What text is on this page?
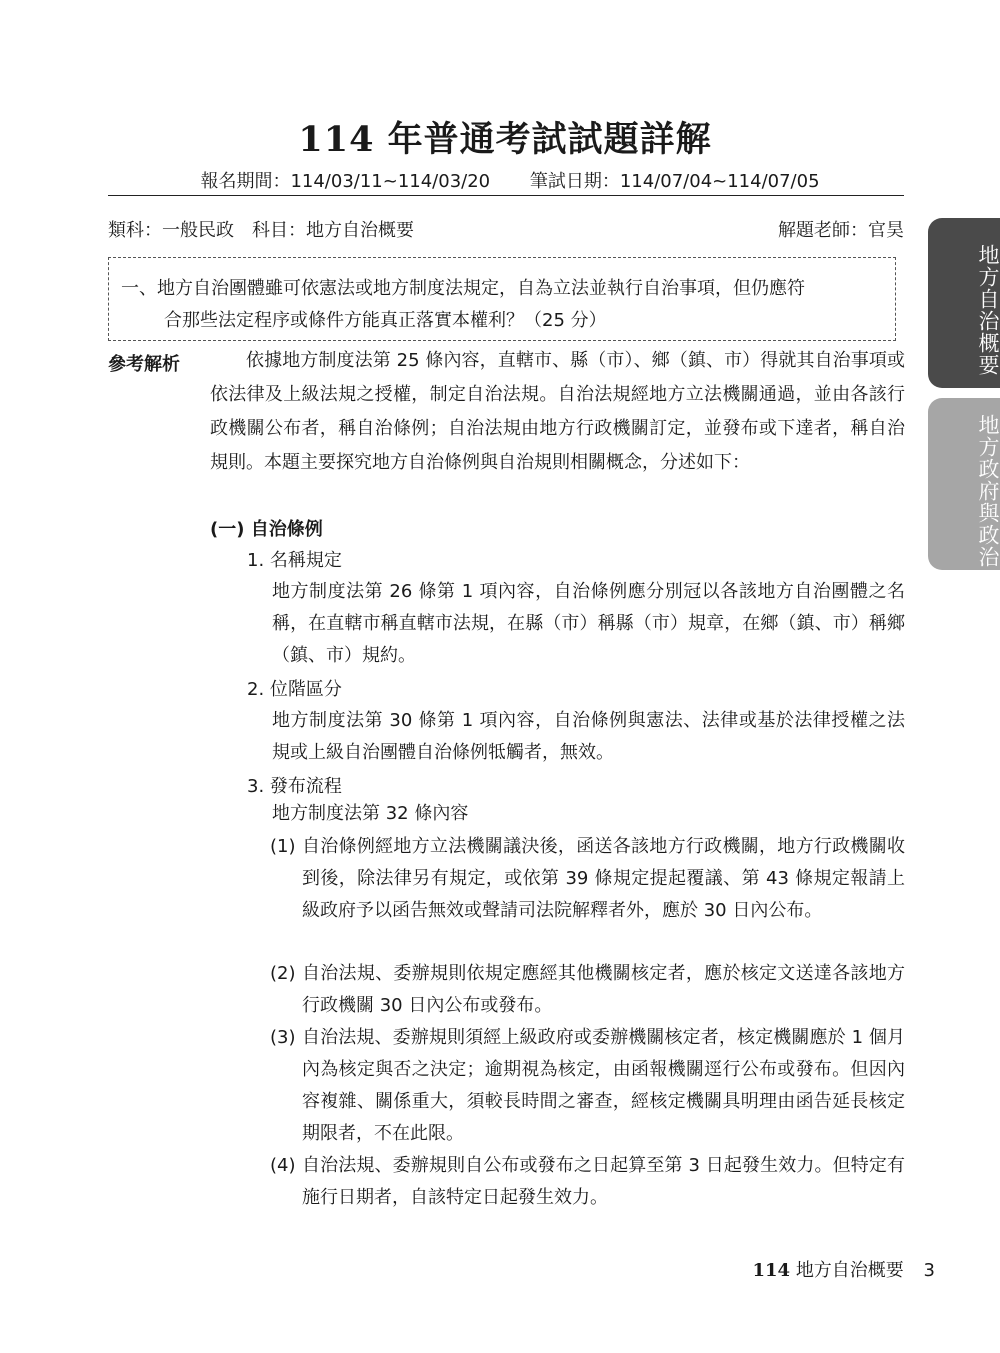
114 年普通考試試題詳解
報名期間：114/03/11~114/03/20 筆試日期：114/07/04~114/07/05
類科：一般民政 科目：地方自治概要	解題老師：官昊
一、地方自治團體雖可依憲法或地方制度法規定，自為立法並執行自治事項，但仍應符
合那些法定程序或條件方能真正落實本權利？（25 分）
參考解析	依據地方制度法第 25 條內容，直轄市、縣（市）、鄉（鎮、市）得就其自治事項或依法律及上級法規之授權，制定自治法規。自治法規經地方立法機關通過，並由各該行政機關公布者，稱自治條例；自治法規由地方行政機關訂定，並發布或下達者，稱自治規則。本題主要探究地方自治條例與自治規則相關概念，分述如下：

(一) 自治條例
1. 名稱規定

地方制度法第 26 條第 1 項內容，自治條例應分別冠以各該地方自治團體之名稱，在直轄市稱直轄市法規，在縣（市）稱縣（市）規章，在鄉（鎮、市）稱鄉（鎮、市）規約。

2. 位階區分

地方制度法第 30 條第 1 項內容，自治條例與憲法、法律或基於法律授權之法規或上級自治團體自治條例牴觸者，無效。

3. 發布流程

地方制度法第 32 條內容

(1) 自治條例經地方立法機關議決後，函送各該地方行政機關，地方行政機關收到後，除法律另有規定，或依第 39 條規定提起覆議、第 43 條規定報請上級政府予以函告無效或聲請司法院解釋者外，應於 30 日內公布。
(2) 自治法規、委辦規則依規定應經其他機關核定者，應於核定文送達各該地方行政機關 30 日內公布或發布。
(3) 自治法規、委辦規則須經上級政府或委辦機關核定者，核定機關應於 1 個月內為核定與否之決定；逾期視為核定，由函報機關逕行公布或發布。但因內容複雜、關係重大，須較長時間之審查，經核定機關具明理由函告延長核定期限者，不在此限。
(4) 自治法規、委辦規則自公布或發布之日起算至第 3 日起發生效力。但特定有施行日期者，自該特定日起發生效力。
地方自治概要
地方政府與政治
114 地方自治概要 3
